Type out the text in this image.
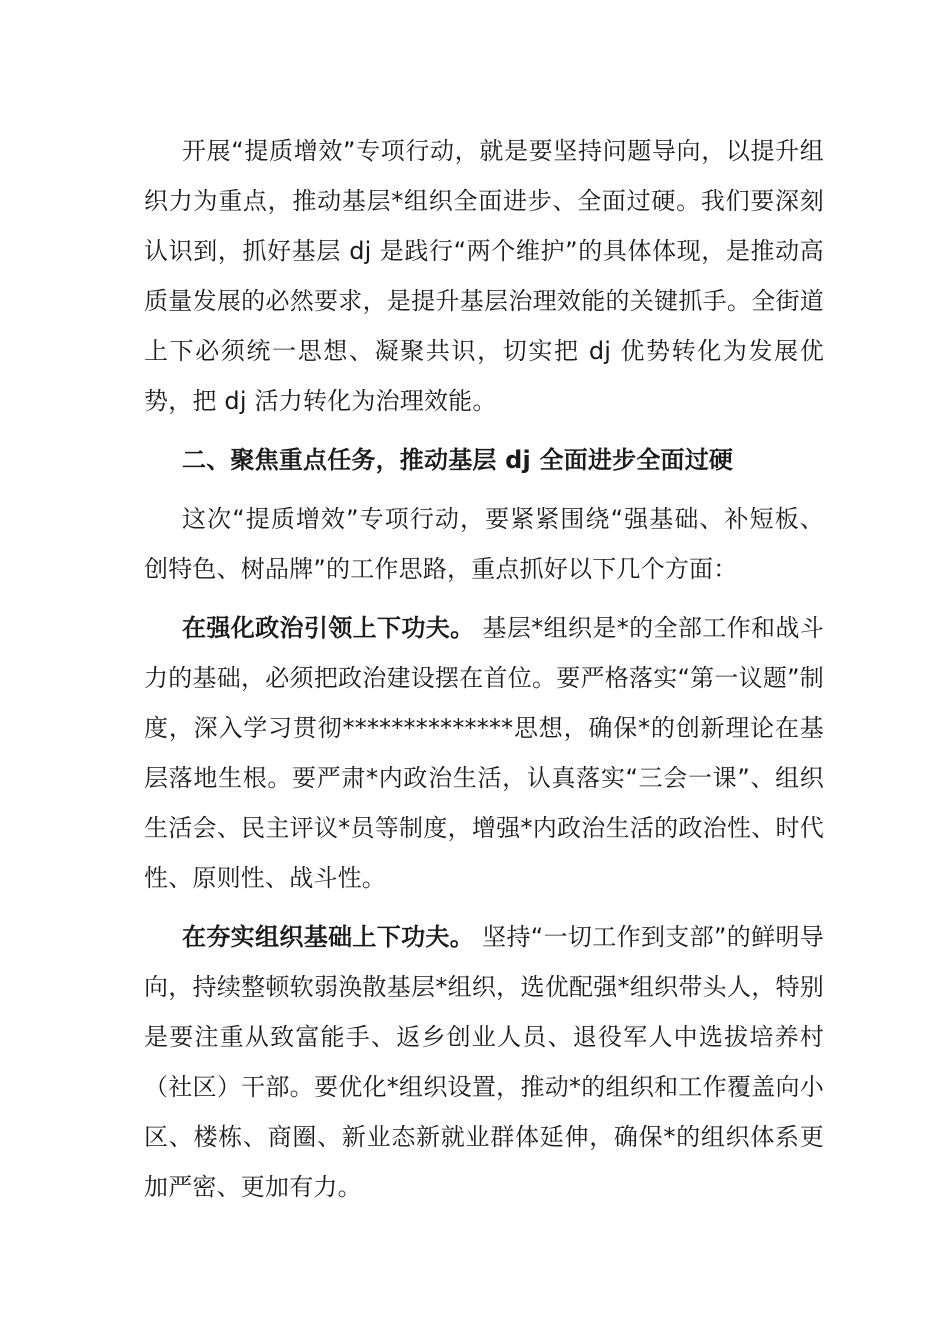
开展“提质增效”专项行动，就是要坚持问题导向，以提升组织力为重点，推动基层*组织全面进步、全面过硬。我们要深刻认识到，抓好基层 dj 是践行“两个维护”的具体体现，是推动高质量发展的必然要求，是提升基层治理效能的关键抓手。全街道上下必须统一思想、凝聚共识，切实把 dj 优势转化为发展优势，把 dj 活力转化为治理效能。

二、聚焦重点任务，推动基层 dj 全面进步全面过硬

这次“提质增效”专项行动，要紧紧围绕“强基础、补短板、创特色、树品牌”的工作思路，重点抓好以下几个方面：

在强化政治引领上下功夫。 基层*组织是*的全部工作和战斗力的基础，必须把政治建设摆在首位。要严格落实“第一议题”制度，深入学习贯彻**************思想，确保*的创新理论在基层落地生根。要严肃*内政治生活，认真落实“三会一课”、组织生活会、民主评议*员等制度，增强*内政治生活的政治性、时代性、原则性、战斗性。

在夯实组织基础上下功夫。 坚持“一切工作到支部”的鲜明导向，持续整顿软弱涣散基层*组织，选优配强*组织带头人，特别是要注重从致富能手、返乡创业人员、退役军人中选拔培养村（社区）干部。要优化*组织设置，推动*的组织和工作覆盖向小区、楼栋、商圈、新业态新就业群体延伸，确保*的组织体系更加严密、更加有力。
